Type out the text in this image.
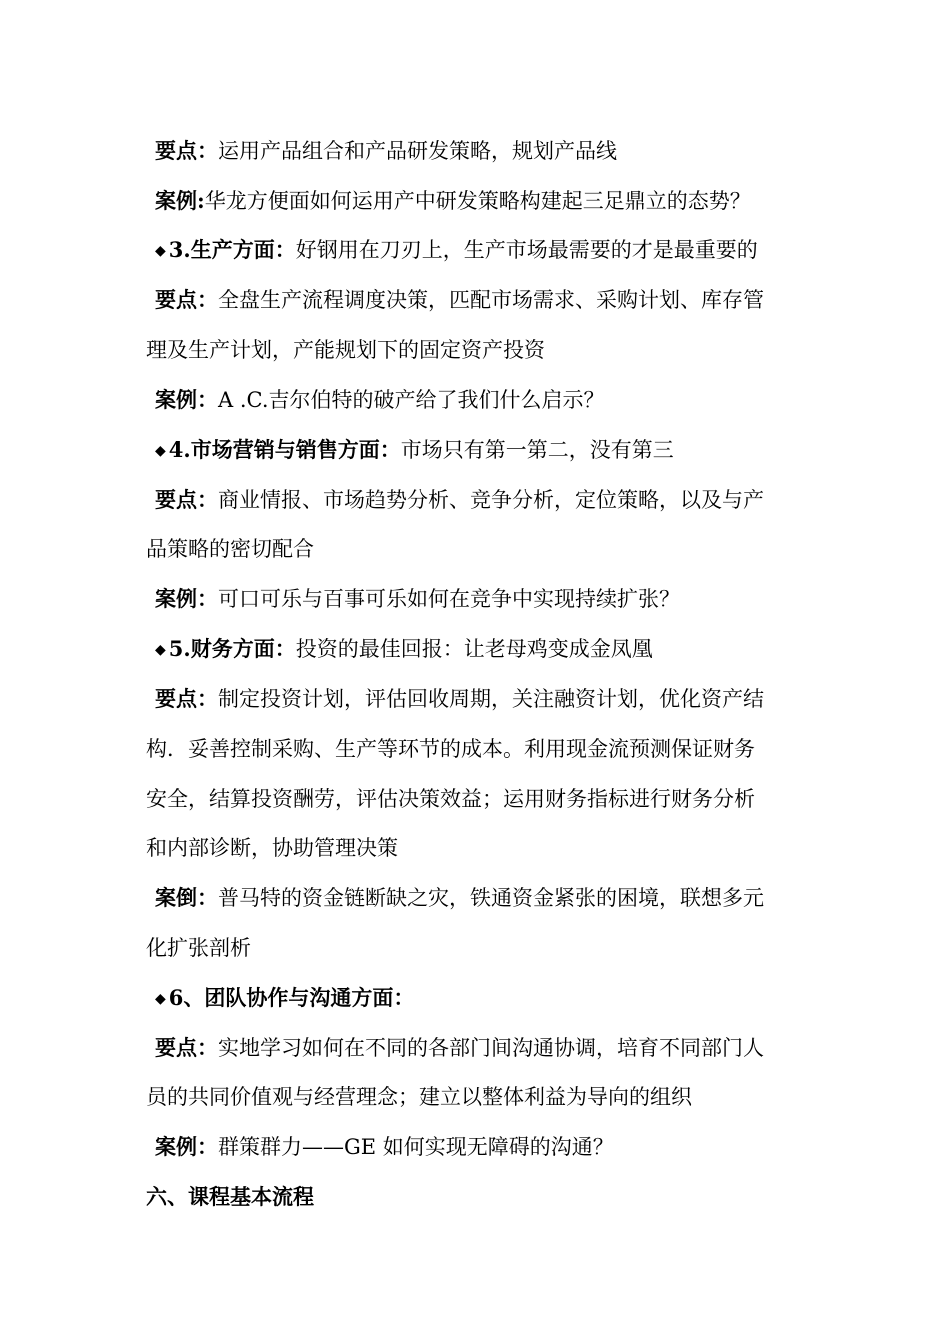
要点：运用产品组合和产品研发策略，规划产品线
案例:华龙方便面如何运用产中研发策略构建起三足鼎立的态势？
◆ 3.生产方面：好钢用在刀刃上，生产市场最需要的才是最重要的
要点：全盘生产流程调度决策，匹配市场需求、采购计划、库存管
理及生产计划，产能规划下的固定资产投资
案例：A .C.吉尔伯特的破产给了我们什么启示？
◆ 4.市场营销与销售方面：市场只有第一第二，没有第三
要点：商业情报、市场趋势分析、竞争分析，定位策略，以及与产
品策略的密切配合
案例：可口可乐与百事可乐如何在竞争中实现持续扩张？
◆ 5.财务方面：投资的最佳回报：让老母鸡变成金凤凰
要点：制定投资计划，评估回收周期，关注融资计划，优化资产结
构．妥善控制采购、生产等环节的成本。利用现金流预测保证财务
安全，结算投资酬劳，评估决策效益；运用财务指标进行财务分析
和内部诊断，协助管理决策
案倒：普马特的资金链断缺之灾，铁通资金紧张的困境，联想多元
化扩张剖析
◆ 6、团队协作与沟通方面：
要点：实地学习如何在不同的各部门间沟通协调，培育不同部门人
员的共同价值观与经营理念；建立以整体利益为导向的组织
案例：群策群力——GE 如何实现无障碍的沟通？
六、课程基本流程
